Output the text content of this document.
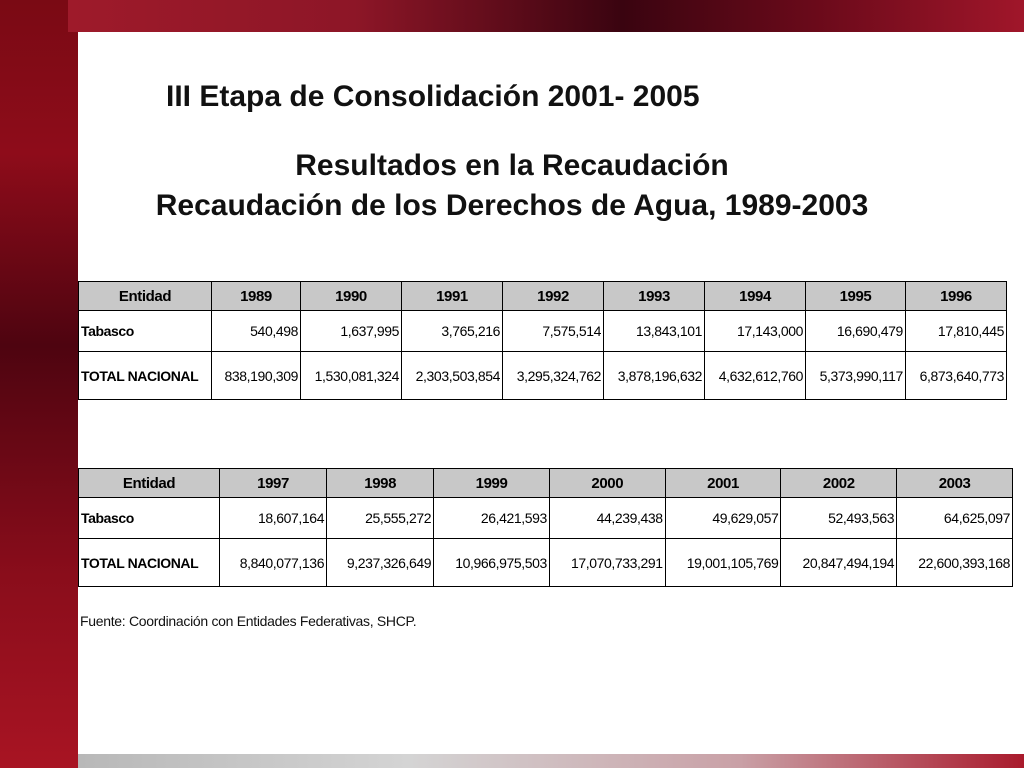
III Etapa de Consolidación 2001- 2005
Resultados en la Recaudación
Recaudación de los Derechos de Agua, 1989-2003
Entidad	1989	1990	1991	1992	1993	1994	1995	1996
Tabasco	540,498	1,637,995	3,765,216	7,575,514	13,843,101	17,143,000	16,690,479	17,810,445
TOTAL NACIONAL	838,190,309	1,530,081,324	2,303,503,854	3,295,324,762	3,878,196,632	4,632,612,760	5,373,990,117	6,873,640,773
Entidad	1997	1998	1999	2000	2001	2002	2003
Tabasco	18,607,164	25,555,272	26,421,593	44,239,438	49,629,057	52,493,563	64,625,097
TOTAL NACIONAL	8,840,077,136	9,237,326,649	10,966,975,503	17,070,733,291	19,001,105,769	20,847,494,194	22,600,393,168
Fuente: Coordinación con Entidades Federativas, SHCP.
